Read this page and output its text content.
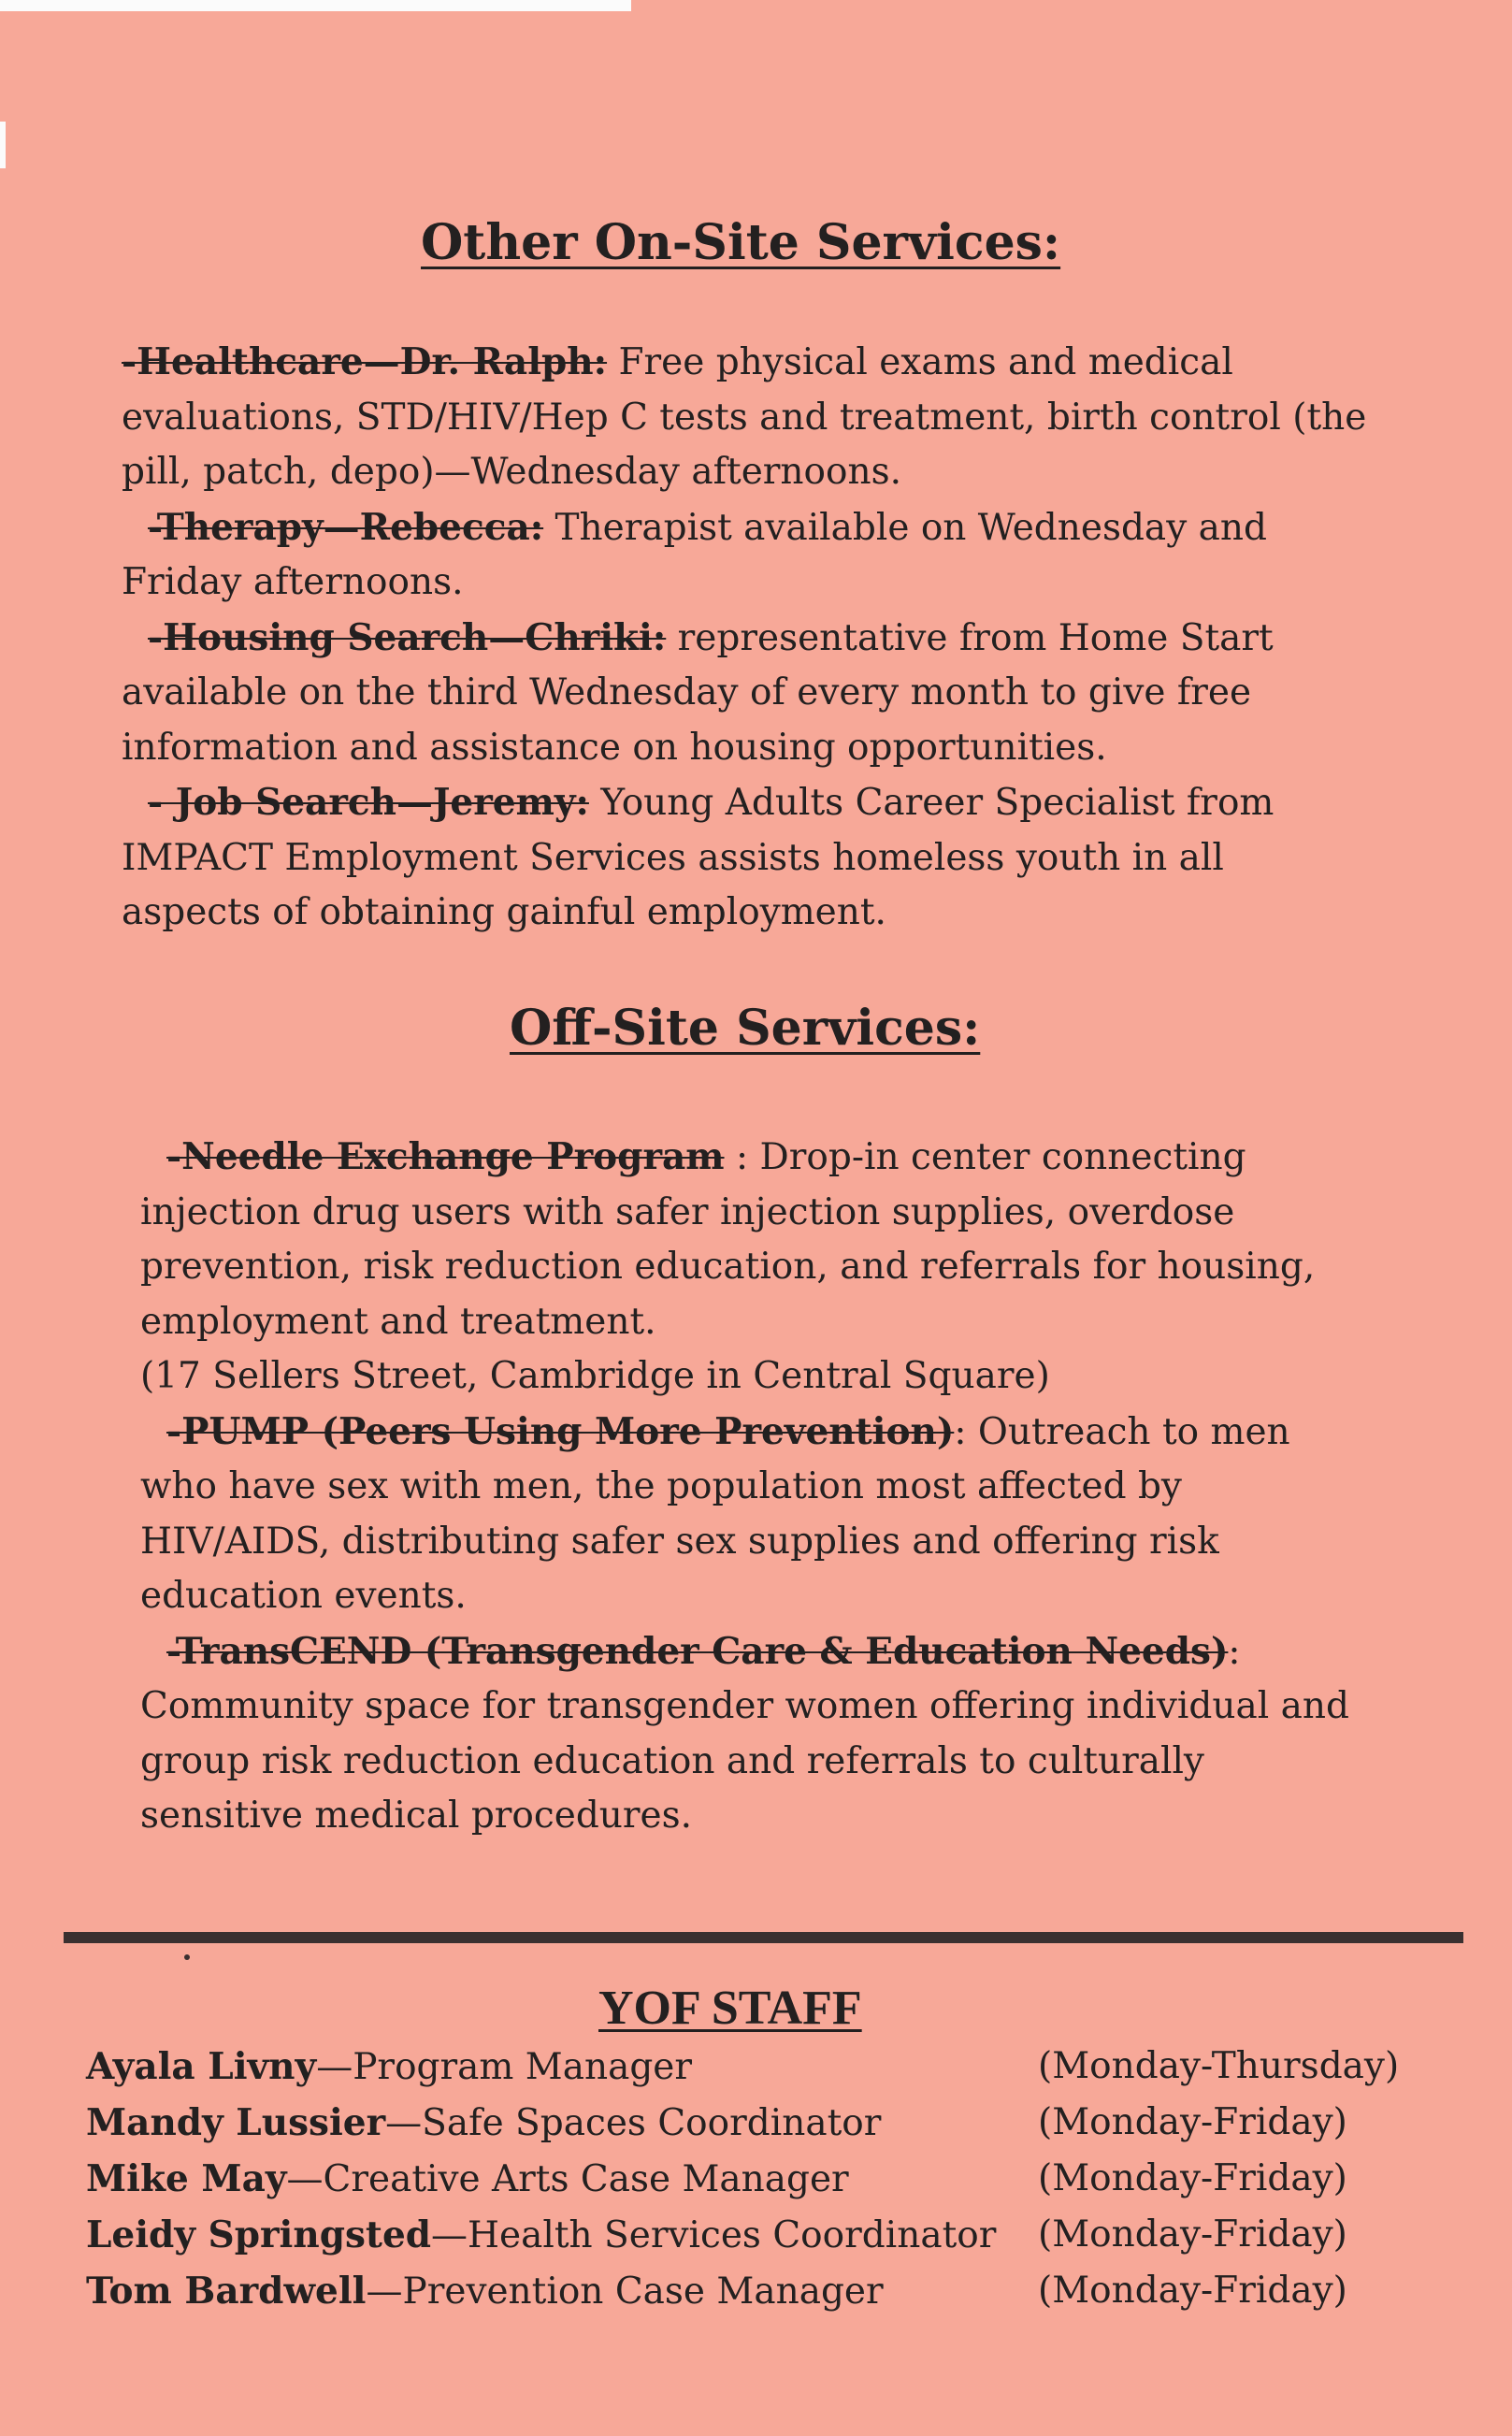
Other On-Site Services:

-Healthcare—Dr. Ralph: Free physical exams and medical evaluations, STD/HIV/Hep C tests and treatment, birth control (the pill, patch, depo)—Wednesday afternoons.

-Therapy—Rebecca: Therapist available on Wednesday and Friday afternoons.

-Housing Search—Chriki: representative from Home Start available on the third Wednesday of every month to give free information and assistance on housing opportunities.

- Job Search—Jeremy: Young Adults Career Specialist from IMPACT Employment Services assists homeless youth in all aspects of obtaining gainful employment.

Off-Site Services:

-Needle Exchange Program : Drop-in center connecting injection drug users with safer injection supplies, overdose prevention, risk reduction education, and referrals for housing, employment and treatment.

(17 Sellers Street, Cambridge in Central Square)

-PUMP (Peers Using More Prevention): Outreach to men who have sex with men, the population most affected by HIV/AIDS, distributing safer sex supplies and offering risk education events.

-TransCEND (Transgender Care & Education Needs): Community space for transgender women offering individual and group risk reduction education and referrals to culturally sensitive medical procedures.

YOF STAFF
Ayala Livny—Program Manager	(Monday-Thursday)
Mandy Lussier—Safe Spaces Coordinator	(Monday-Friday)
Mike May—Creative Arts Case Manager	(Monday-Friday)
Leidy Springsted—Health Services Coordinator (Monday-Friday)
Tom Bardwell—Prevention Case Manager	(Monday-Friday)
